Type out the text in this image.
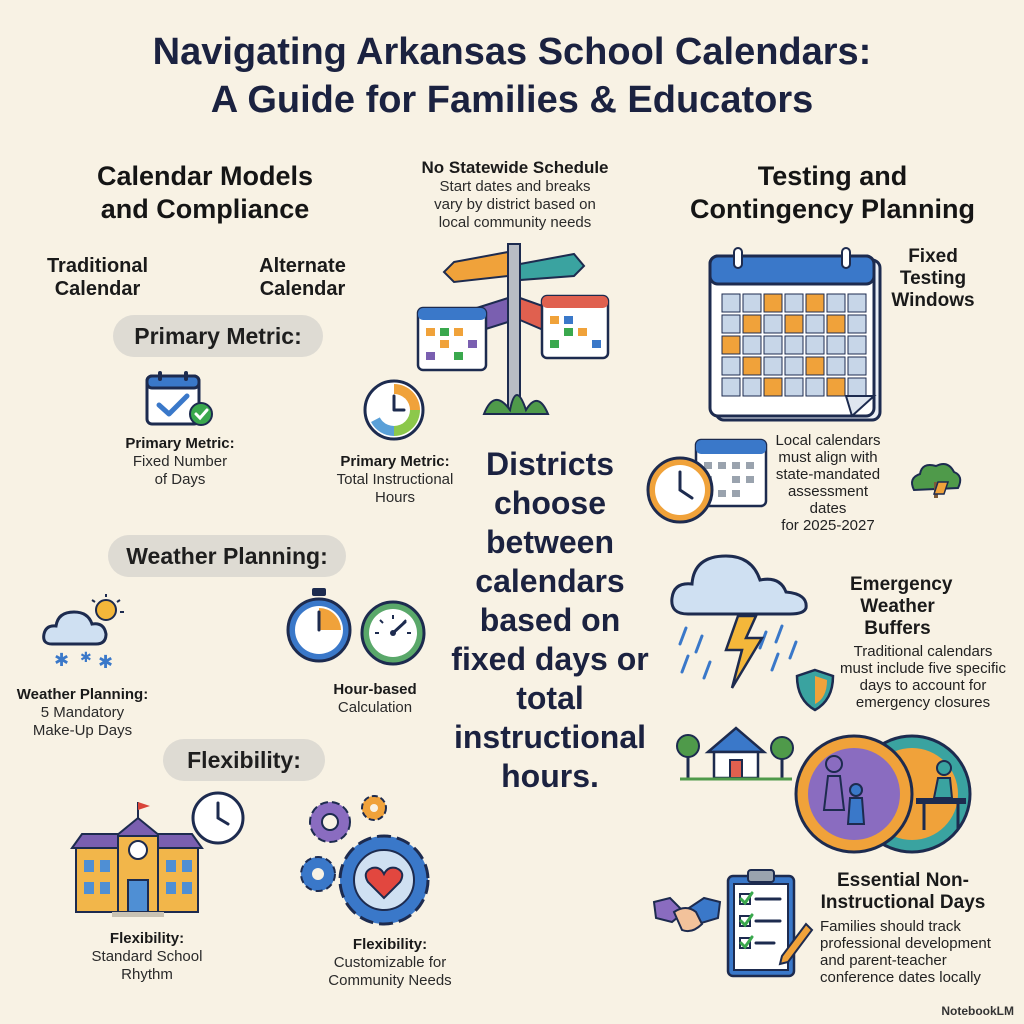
Navigating Arkansas School Calendars:
A Guide for Families & Educators
Calendar Models
and Compliance
Traditional
Calendar
Alternate
Calendar
Primary Metric:
Primary Metric:
Fixed Number
of Days
Primary Metric:
Total Instructional
Hours
Weather Planning:
✱ ✱ ✱
Weather Planning:
5 Mandatory
Make-Up Days
Hour-based
Calculation
Flexibility:
Flexibility:
Standard School
Rhythm
Flexibility:
Customizable for
Community Needs
No Statewide Schedule
Start dates and breaks
vary by district based on
local community needs
Districts
choose
between
calendars
based on
fixed days or
total
instructional
hours.
Testing and
Contingency Planning
Fixed
Testing
Windows
Local calendars
must align with
state-mandated
assessment dates
for 2025-2027
Emergency
Weather
Buffers
Traditional calendars
must include five specific
days to account for
emergency closures
Essential Non-
Instructional Days
Families should track
professional development
and parent-teacher
conference dates locally
NotebookLM
